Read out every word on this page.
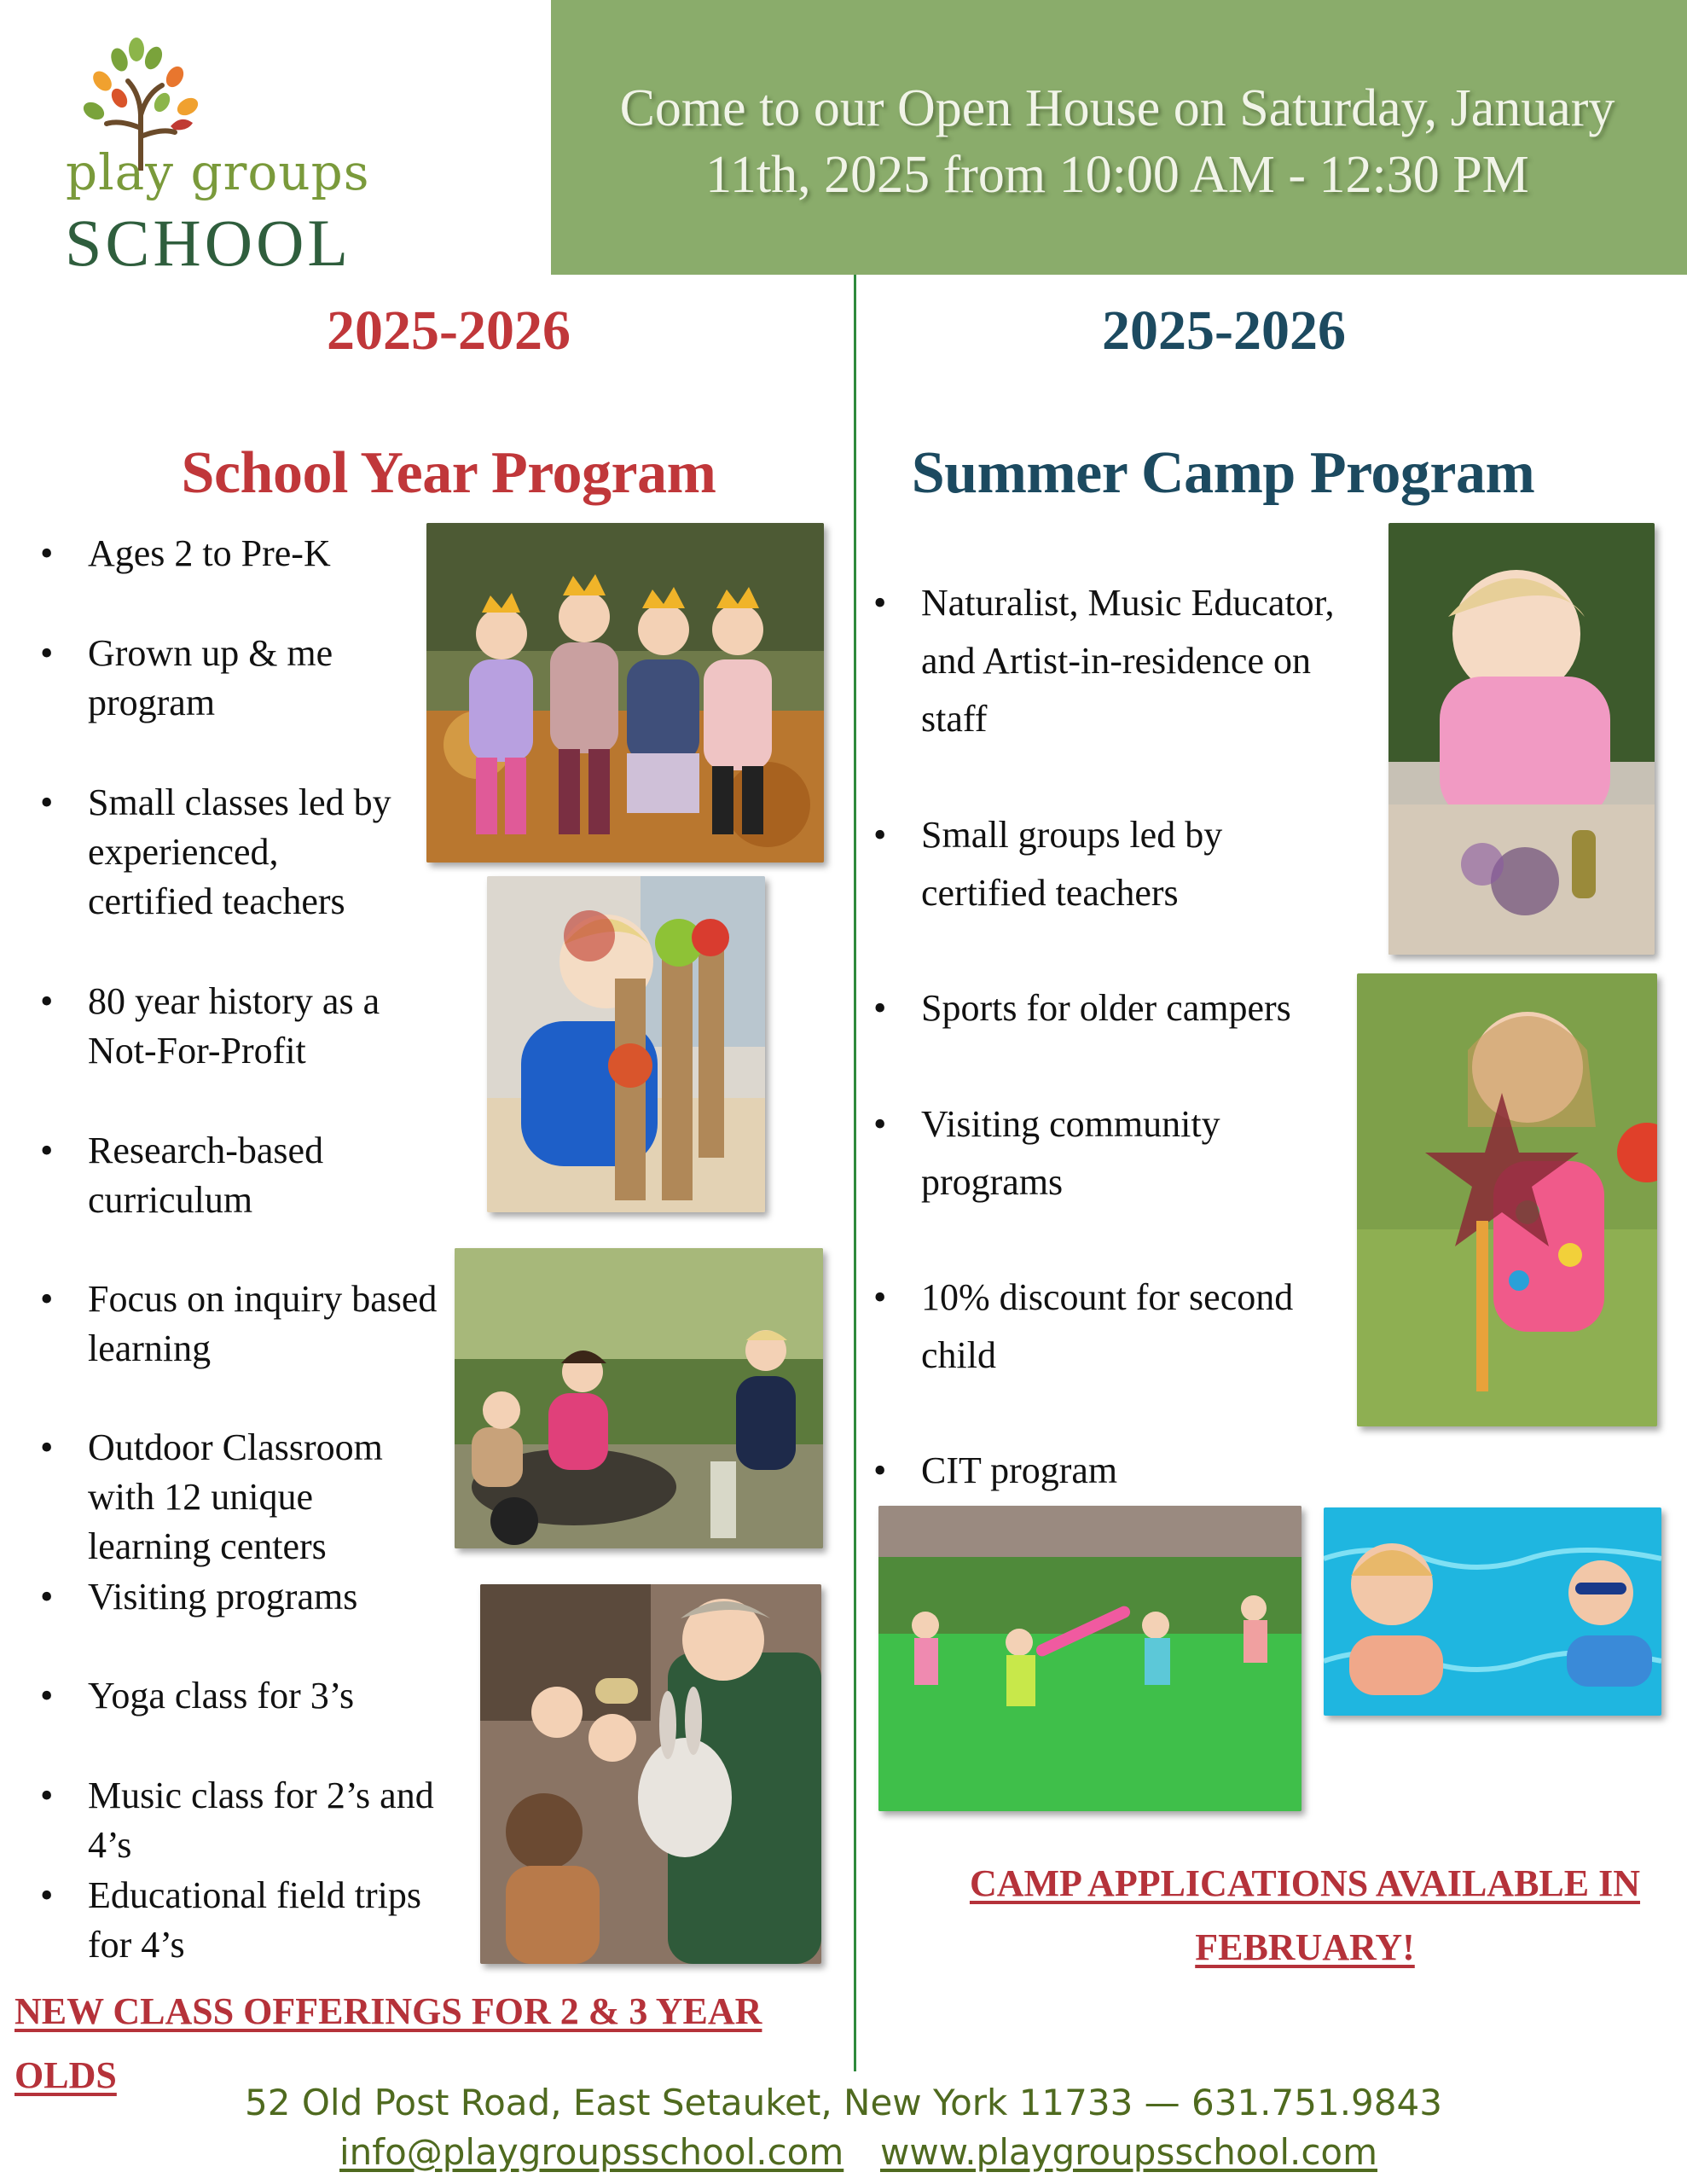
play groups
SCHOOL
Come to our Open House on Saturday, January
11th, 2025 from 10:00 AM - 12:30 PM
2025-2026	2025-2026
School Year Program	Summer Camp Program
• Ages 2 to Pre-K
• Grown up & me
program
• Small classes led by
experienced,
certified teachers
• 80 year history as a
Not-For-Profit
• Research-based
curriculum
• Focus on inquiry based
learning
• Outdoor Classroom
with 12 unique
learning centers
• Visiting programs
• Yoga class for 3’s
• Music class for 2’s and
4’s
• Educational field trips
for 4’s
• Naturalist, Music Educator,
and Artist-in-residence on
staff
• Small groups led by
certified teachers
• Sports for older campers
• Visiting community
programs
• 10% discount for second
child
• CIT program
NEW CLASS OFFERINGS FOR 2 & 3 YEAR
OLDS
CAMP APPLICATIONS AVAILABLE IN
FEBRUARY!
52 Old Post Road, East Setauket, New York 11733 — 631.751.9843
info@playgroupsschool.com www.playgroupsschool.com
